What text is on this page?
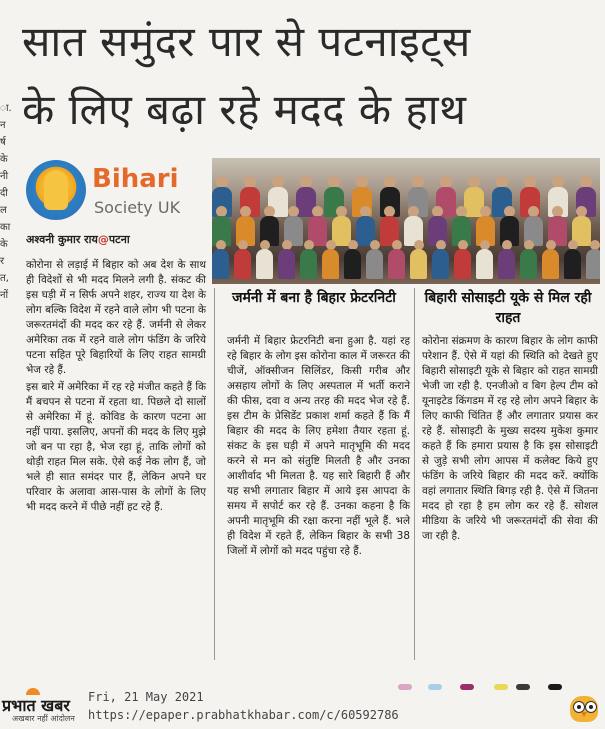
ा.
न
र्ष
के
नी
दी
ल
का
के
र
त,
नों
सात समुंदर पार से पटनाइट्स
के लिए बढ़ा रहे मदद के हाथ
Bihari
Society UK
अश्वनी कुमार राय@पटना

कोरोना से लड़ाई में बिहार को अब देश के साथ ही विदेशों से भी मदद मिलने लगी है. संकट की इस घड़ी में न सिर्फ अपने शहर, राज्य या देश के लोग बल्कि विदेश में रहने वाले लोग भी पटना के जरूरतमंदों की मदद कर रहे हैं. जर्मनी से लेकर अमेरिका तक में रहने वाले लोग फंडिंग के जरिये पटना सहित पूरे बिहारियों के लिए राहत सामग्री भेज रहे हैं.

इस बारे में अमेरिका में रह रहे मंजीत कहते हैं कि मैं बचपन से पटना में रहता था. पिछले दो सालों से अमेरिका में हूं. कोविड के कारण पटना आ नहीं पाया. इसलिए, अपनों की मदद के लिए मुझे जो बन पा रहा है, भेज रहा हूं, ताकि लोगों को थोड़ी राहत मिल सके. ऐसे कई नेक लोग हैं, जो भले ही सात समंदर पार हैं, लेकिन अपने घर परिवार के अलावा आस-पास के लोगों के लिए भी मदद करने में पीछे नहीं हट रहे हैं.

जर्मनी में बना है बिहार फ्रेटरनिटी	बिहारी सोसाइटी यूके से मिल रही राहत

जर्मनी में बिहार फ्रेटरनिटी बना हुआ है. यहां रह रहे बिहार के लोग इस कोरोना काल में जरूरत की चीजें, ऑक्सीजन सिलिंडर, किसी गरीब और असहाय लोगों के लिए अस्पताल में भर्ती कराने की फीस, दवा व अन्य तरह की मदद भेज रहे हैं. इस टीम के प्रेसिडेंट प्रकाश शर्मा कहते हैं कि मैं बिहार की मदद के लिए हमेशा तैयार रहता हूं. संकट के इस घड़ी में अपने मातृभूमि की मदद करने से मन को संतुष्टि मिलती है और उनका आशीर्वाद भी मिलता है. यह सारे बिहारी हैं और यह सभी लगातार बिहार में आये इस आपदा के समय में सपोर्ट कर रहे हैं. उनका कहना है कि अपनी मातृभूमि की रक्षा करना नहीं भूले हैं. भले ही विदेश में रहते हैं, लेकिन बिहार के सभी 38 जिलों में लोगों को मदद पहुंचा रहे हैं.

कोरोना संक्रमण के कारण बिहार के लोग काफी परेशान हैं. ऐसे में यहां की स्थिति को देखते हुए बिहारी सोसाइटी यूके से बिहार को राहत सामग्री भेजी जा रही है. एनजीओ व बिग हेल्प टीम को यूनाइटेड किंगडम में रह रहे लोग अपने बिहार के लिए काफी चिंतित हैं और लगातार प्रयास कर रहे हैं. सोसाइटी के मुख्य सदस्य मुकेश कुमार कहते हैं कि हमारा प्रयास है कि इस सोसाइटी से जुड़े सभी लोग आपस में कलेक्ट किये हुए फंडिंग के जरिये बिहार की मदद करें. क्योंकि वहां लगातार स्थिति बिगड़ रही है. ऐसे में जितना मदद हो रहा है हम लोग कर रहे हैं. सोशल मीडिया के जरिये भी जरूरतमंदों की सेवा की जा रही है.

प्रभात खबर
अखबार नहीं आंदोलन
Fri, 21 May 2021
https://epaper.prabhatkhabar.com/c/60592786
